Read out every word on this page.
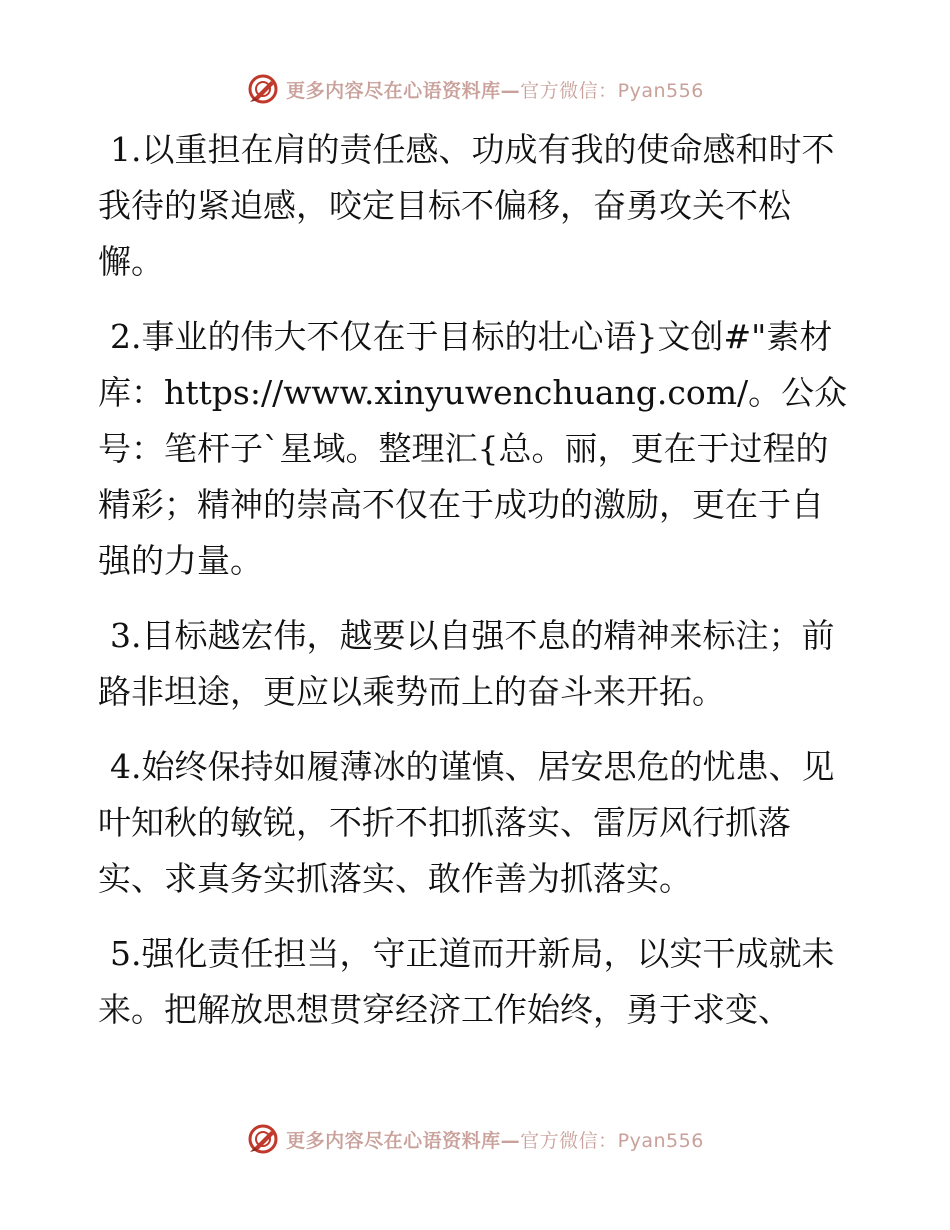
更多内容尽在心语资料库—官方微信：Pyan556

1.以重担在肩的责任感、功成有我的使命感和时不我待的紧迫感，咬定目标不偏移，奋勇攻关不松懈。

2.事业的伟大不仅在于目标的壮心语}文创#"素材库：https://www.xinyuwenchuang.com/。公众号：笔杆子`星域。整理汇{总。丽，更在于过程的精彩；精神的崇高不仅在于成功的激励，更在于自强的力量。

3.目标越宏伟，越要以自强不息的精神来标注；前路非坦途，更应以乘势而上的奋斗来开拓。

4.始终保持如履薄冰的谨慎、居安思危的忧患、见叶知秋的敏锐，不折不扣抓落实、雷厉风行抓落实、求真务实抓落实、敢作善为抓落实。

5.强化责任担当，守正道而开新局，以实干成就未来。把解放思想贯穿经济工作始终，勇于求变、

更多内容尽在心语资料库—官方微信：Pyan556
